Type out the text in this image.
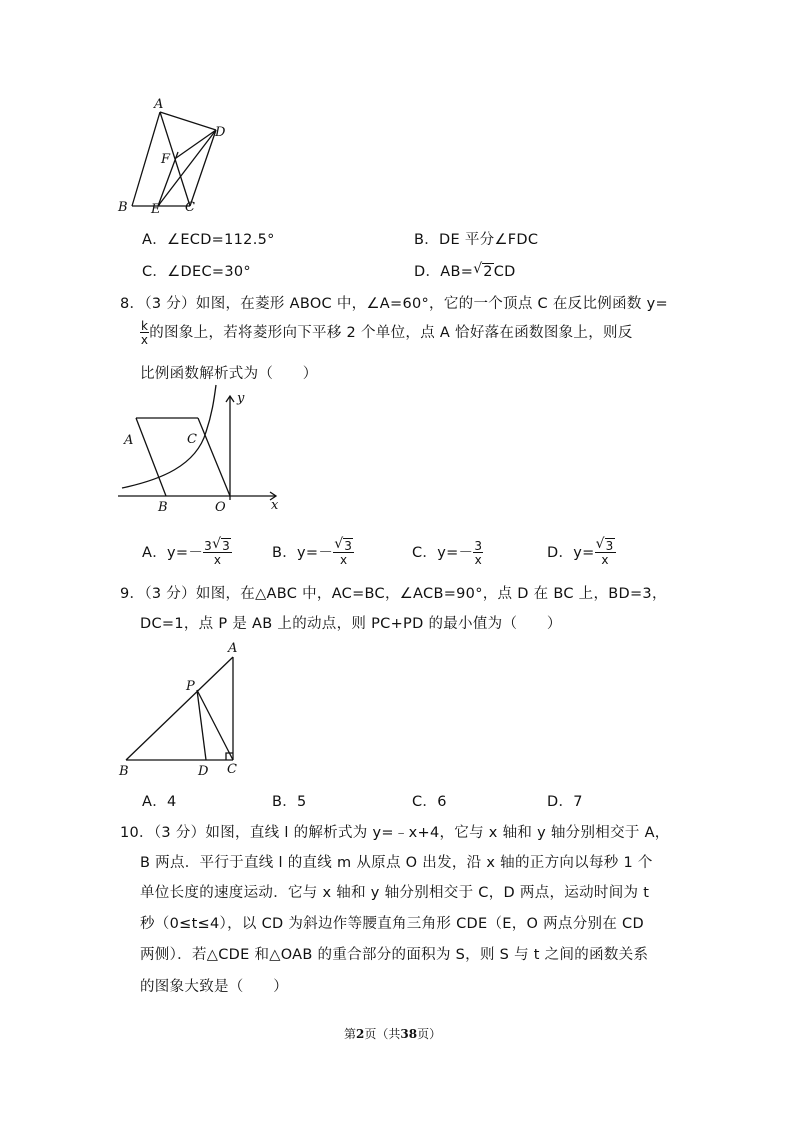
A
D
F
B E C
A．∠ECD=112.5°	B．DE 平分∠FDC
C．∠DEC=30°	D．AB= √ 2CD
8．（3 分）如图，在菱形 ABOC 中，∠A=60°，它的一个顶点 C 在反比例函数 y=
$\frac{k}{x}$ 的图象上，若将菱形向下平移 2 个单位，点 A 恰好落在函数图象上，则反
比例函数解析式为（　　）
y
A	C
B	O	x
A．$y=- \frac{3 √ 3}{x}$	B．y=－ √ $\frac{3}{x}$	C．$y=- \frac{3}{x}$	D．y= √ $\frac{3}{x}$
9．（3 分）如图，在△ABC 中，AC=BC，∠ACB=90°，点 D 在 BC 上，BD=3，
DC=1，点 P 是 AB 上的动点，则 PC+PD 的最小值为（　　）
A
P
B	D C
A．4	B．5	C．6	D．7
10．（3 分）如图，直线 l 的解析式为 y=﹣x+4，它与 x 轴和 y 轴分别相交于 A，
B 两点．平行于直线 l 的直线 m 从原点 O 出发，沿 x 轴的正方向以每秒 1 个
单位长度的速度运动．它与 x 轴和 y 轴分别相交于 C，D 两点，运动时间为 t
秒（0≤t≤4），以 CD 为斜边作等腰直角三角形 CDE（E，O 两点分别在 CD
两侧）．若△CDE 和△OAB 的重合部分的面积为 S，则 S 与 t 之间的函数关系
的图象大致是（　　）
第2页（共38页）
